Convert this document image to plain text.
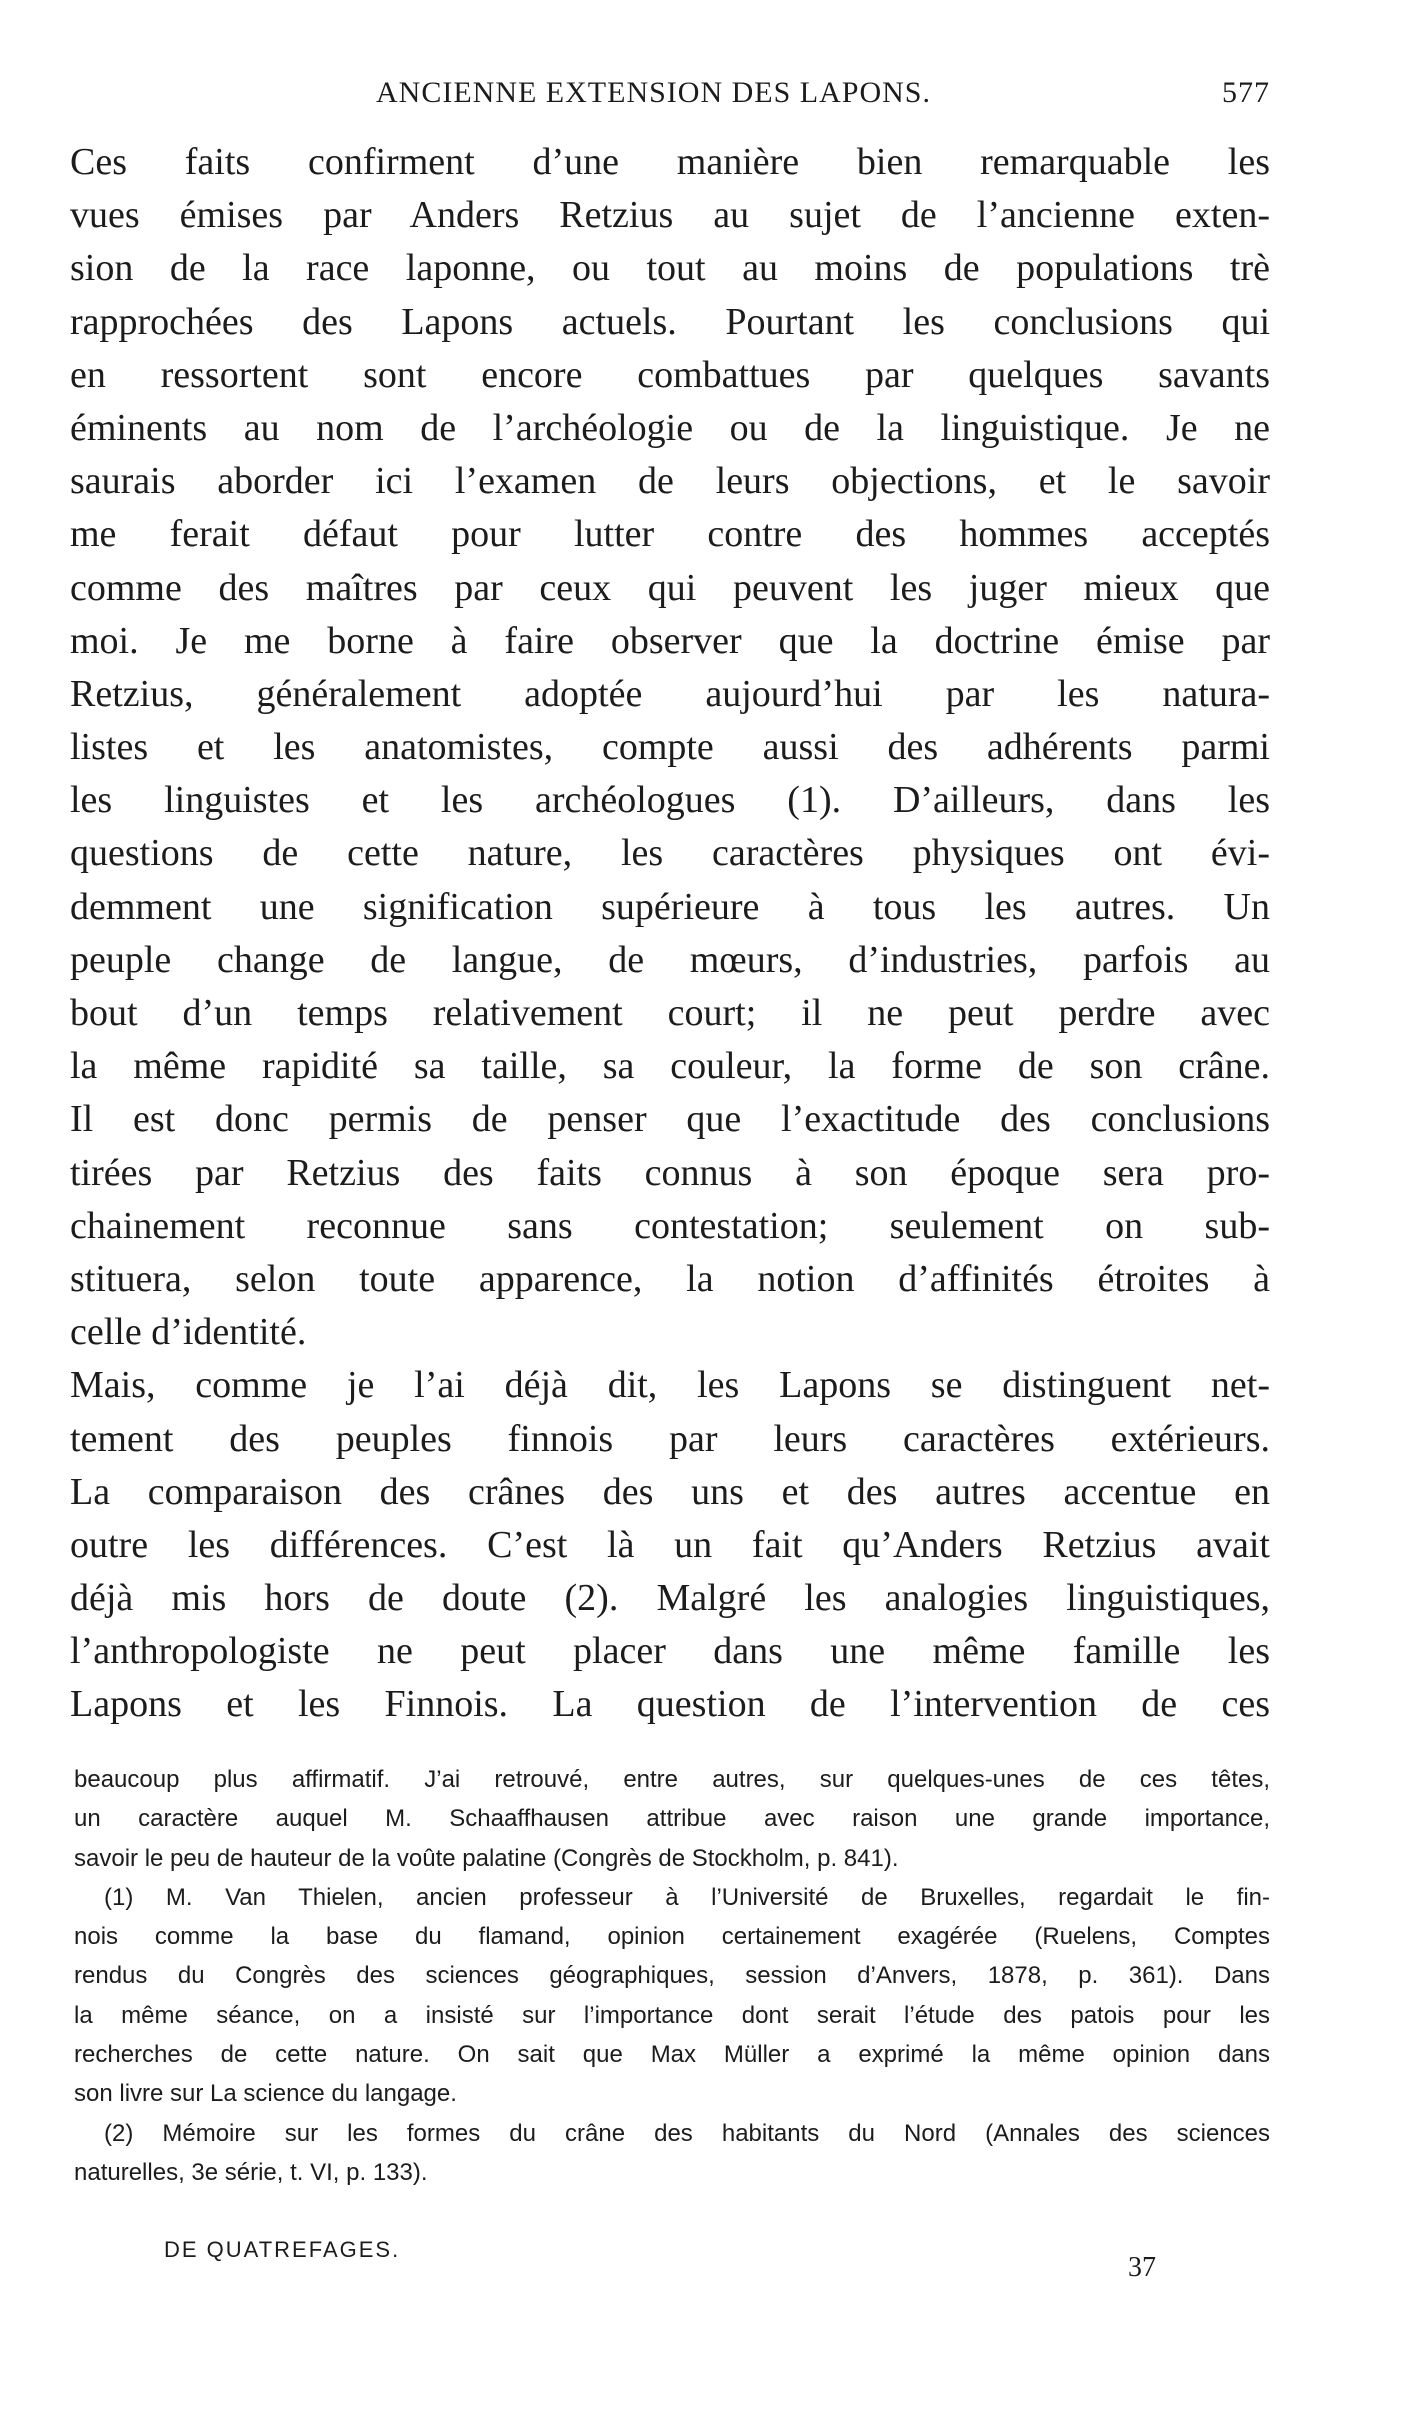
ANCIENNE EXTENSION DES LAPONS.	577
Ces faits confirment d’une manière bien remarquable les
vues émises par Anders Retzius au sujet de l’ancienne exten-
sion de la race laponne, ou tout au moins de populations trè
rapprochées des Lapons actuels. Pourtant les conclusions qui
en ressortent sont encore combattues par quelques savants
éminents au nom de l’archéologie ou de la linguistique. Je ne
saurais aborder ici l’examen de leurs objections, et le savoir
me ferait défaut pour lutter contre des hommes acceptés
comme des maîtres par ceux qui peuvent les juger mieux que
moi. Je me borne à faire observer que la doctrine émise par
Retzius, généralement adoptée aujourd’hui par les natura-
listes et les anatomistes, compte aussi des adhérents parmi
les linguistes et les archéologues (1). D’ailleurs, dans les
questions de cette nature, les caractères physiques ont évi-
demment une signification supérieure à tous les autres. Un
peuple change de langue, de mœurs, d’industries, parfois au
bout d’un temps relativement court; il ne peut perdre avec
la même rapidité sa taille, sa couleur, la forme de son crâne.
Il est donc permis de penser que l’exactitude des conclusions
tirées par Retzius des faits connus à son époque sera pro-
chainement reconnue sans contestation; seulement on sub-
stituera, selon toute apparence, la notion d’affinités étroites à
celle d’identité.
Mais, comme je l’ai déjà dit, les Lapons se distinguent net-
tement des peuples finnois par leurs caractères extérieurs.
La comparaison des crânes des uns et des autres accentue en
outre les différences. C’est là un fait qu’Anders Retzius avait
déjà mis hors de doute (2). Malgré les analogies linguistiques,
l’anthropologiste ne peut placer dans une même famille les
Lapons et les Finnois. La question de l’intervention de ces
beaucoup plus affirmatif. J’ai retrouvé, entre autres, sur quelques-unes de ces têtes,
un caractère auquel M. Schaaffhausen attribue avec raison une grande importance,
savoir le peu de hauteur de la voûte palatine (Congrès de Stockholm, p. 841).
(1) M. Van Thielen, ancien professeur à l’Université de Bruxelles, regardait le fin-
nois comme la base du flamand, opinion certainement exagérée (Ruelens, Comptes
rendus du Congrès des sciences géographiques, session d’Anvers, 1878, p. 361). Dans
la même séance, on a insisté sur l’importance dont serait l’étude des patois pour les
recherches de cette nature. On sait que Max Müller a exprimé la même opinion dans
son livre sur La science du langage.
(2) Mémoire sur les formes du crâne des habitants du Nord (Annales des sciences
naturelles, 3e série, t. VI, p. 133).
DE QUATREFAGES.
37
